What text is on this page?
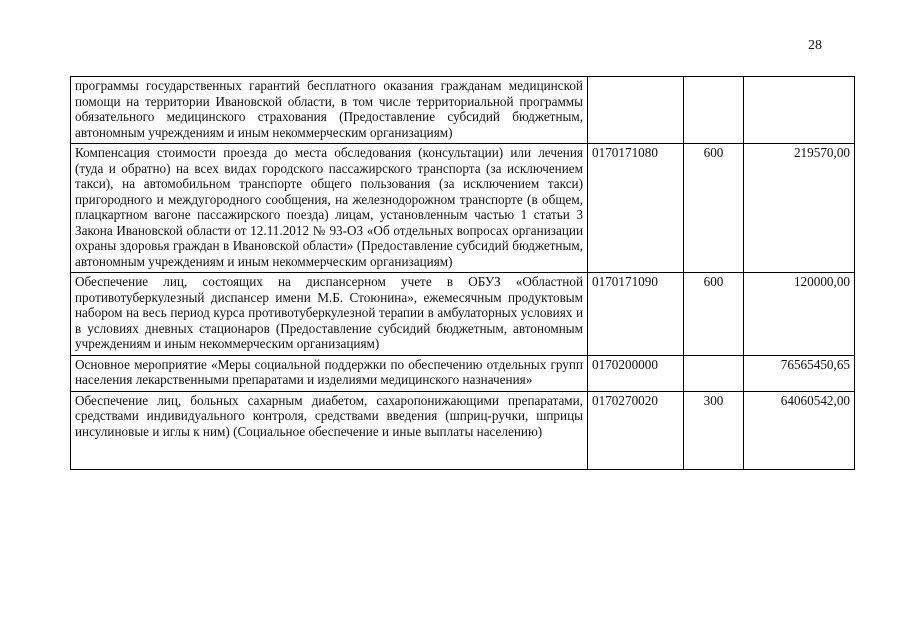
28
программы государственных гарантий бесплатного оказания гражданам медицинской помощи на территории Ивановской области, в том числе территориальной программы обязательного медицинского страхования (Предоставление субсидий бюджетным, автономным учреждениям и иным некоммерческим организациям)			
Компенсация стоимости проезда до места обследования (консультации) или лечения (туда и обратно) на всех видах городского пассажирского транспорта (за исключением такси), на автомобильном транспорте общего пользования (за исключением такси) пригородного и междугородного сообщения, на железнодорожном транспорте (в общем, плацкартном вагоне пассажирского поезда) лицам, установленным частью 1 статьи 3 Закона Ивановской области от 12.11.2012 № 93-ОЗ «Об отдельных вопросах организации охраны здоровья граждан в Ивановской области» (Предоставление субсидий бюджетным, автономным учреждениям и иным некоммерческим организациям)	0170171080	600	219570,00
Обеспечение лиц, состоящих на диспансерном учете в ОБУЗ «Областной противотуберкулезный диспансер имени М.Б. Стоюнина», ежемесячным продуктовым набором на весь период курса противотуберкулезной терапии в амбулаторных условиях и в условиях дневных стационаров (Предоставление субсидий бюджетным, автономным учреждениям и иным некоммерческим организациям)	0170171090	600	120000,00
Основное мероприятие «Меры социальной поддержки по обеспечению отдельных групп населения лекарственными препаратами и изделиями медицинского назначения»	0170200000		76565450,65
Обеспечение лиц, больных сахарным диабетом, сахаропонижающими препаратами, средствами индивидуального контроля, средствами введения (шприц-ручки, шприцы инсулиновые и иглы к ним) (Социальное обеспечение и иные выплаты населению)	0170270020	300	64060542,00
